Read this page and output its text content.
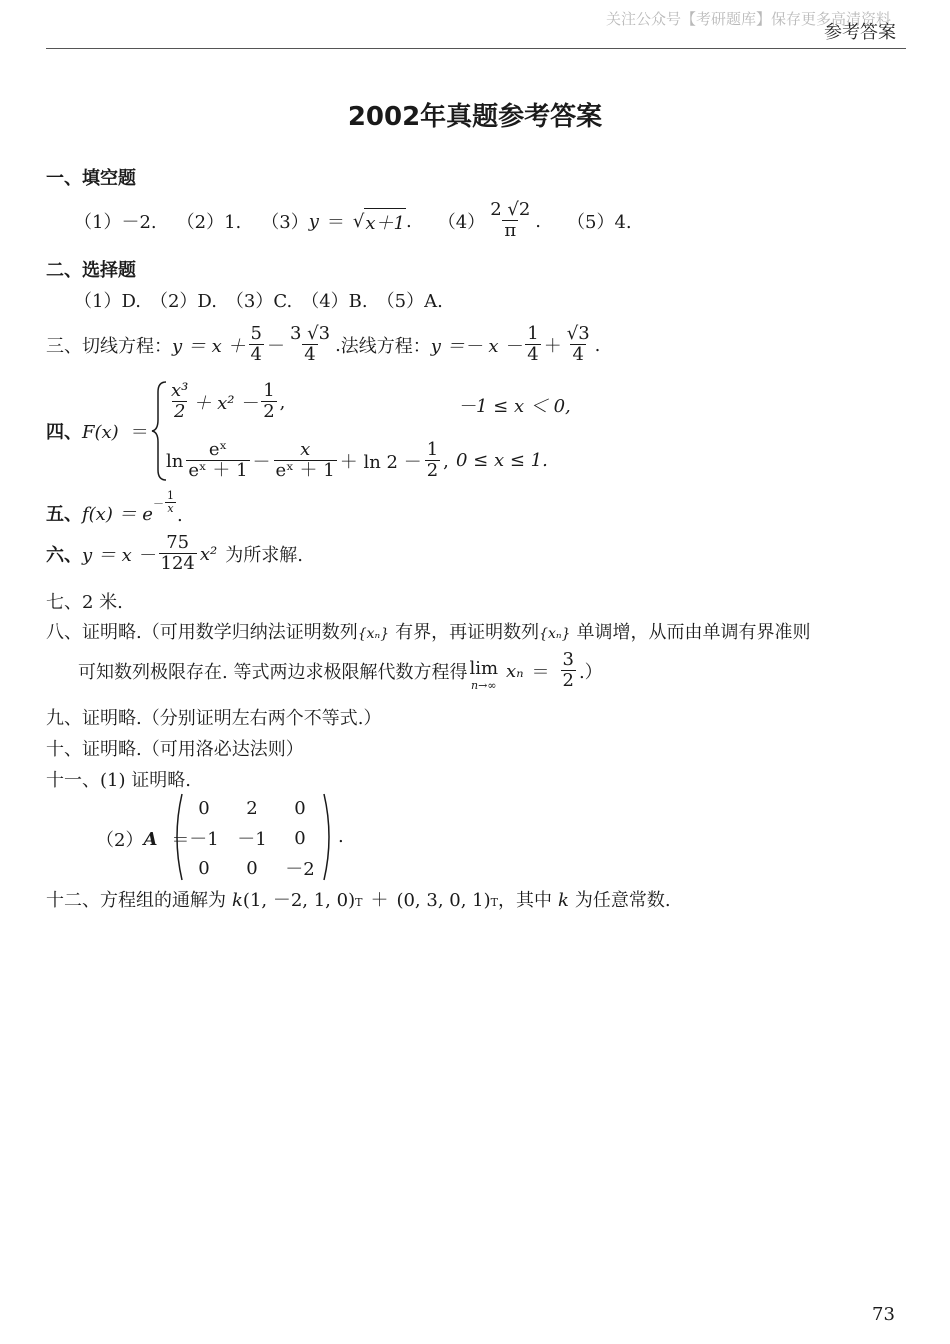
关注公众号【考研题库】保存更多高清资料
参考答案
2002年真题参考答案
一、填空题
（1）－2. （2）1. （3） y ＝ √ x＋1 . $(4) \frac{2 √2}{\pi}$ . （5）4.
二、选择题
（1）D.　（2）D.　（3）C.　（4）B.　（5）A.
三、切线方程： $y = x + \frac{5}{4} - \frac{3 √3}{4}$ . 法线方程： $y =- x - \frac{1}{4} + \frac{√3}{4}$ .
四、F(x) ＝
$\frac{\text{x³}}{2} + x^2 - \frac{1}{2}$ ,	－1 ≤ x ＜ 0,
$\ln \frac{\text{eˣ}}{\text{eˣ ＋ 1}} - \frac{x}{\text{eˣ ＋ 1}} + \ln 2 - \frac{1}{2}$ , 0 ≤ x ≤ 1.
五、 f(x) ＝ e
－ $\frac{1}{x}$ .
六、 $y = x - \frac{75}{124} x^2$ 为所求解.
七、2 米.
八、证明略.（可用数学归纳法证明数列 {xₙ} 有界，再证明数列 {xₙ} 单调增，从而由单调有界准则
可知数列极限存在. 等式两边求极限解代数方程得 lim
n→∞
$x_n = \frac{3}{2}$ .）
九、证明略.（分别证明左右两个不等式.）
十、证明略.（可用洛必达法则）
十一、(1) 证明略.
（2） A ＝
0	2	0
－1	－1	0
0	0	－2
.
十二、方程组的通解为 k (1, －2, 1, 0) T ＋ (0, 3, 0, 1) T ，其中 k 为任意常数.
73
